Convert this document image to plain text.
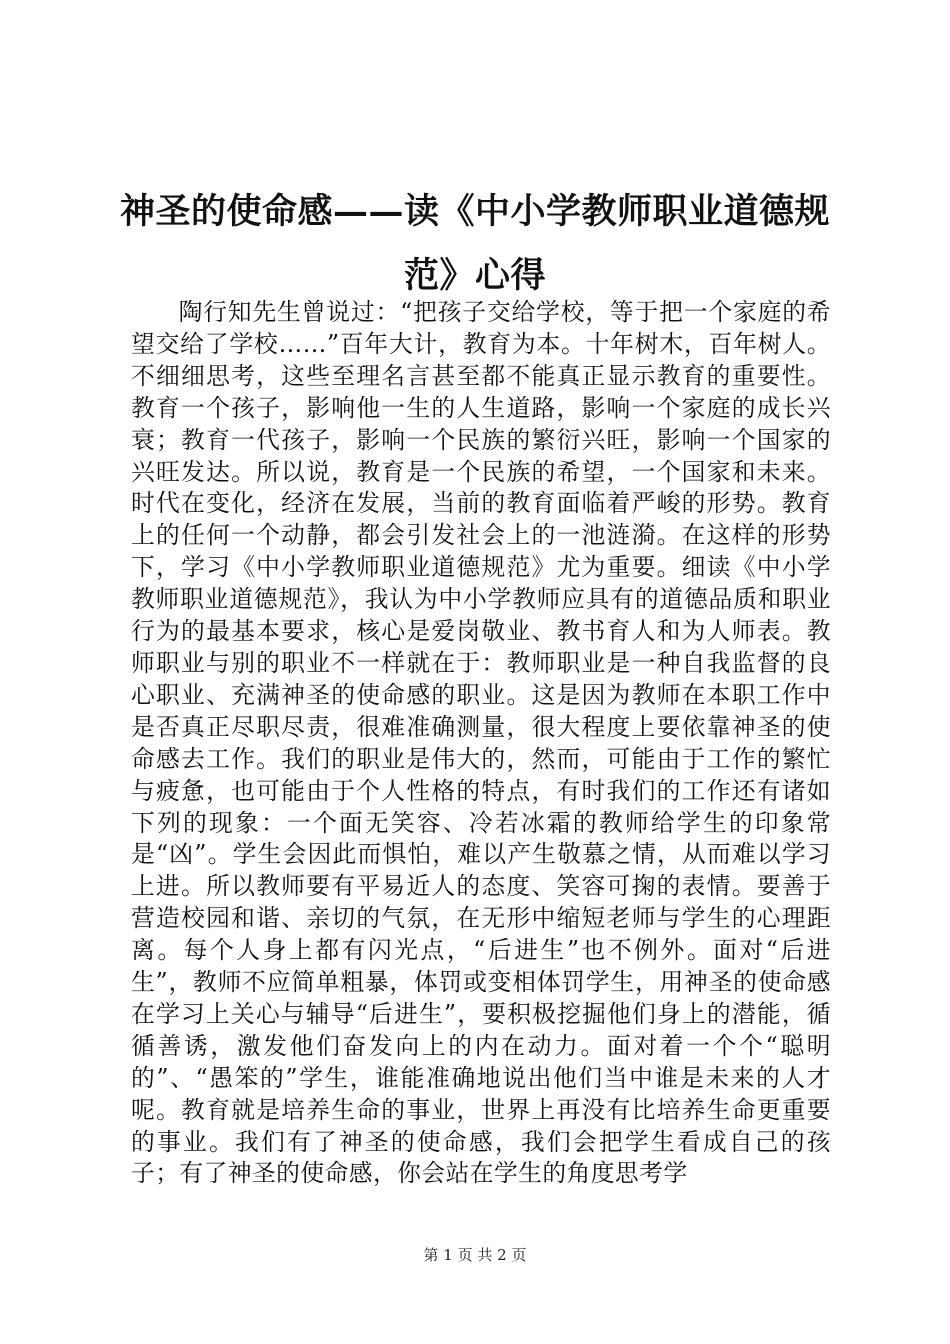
神圣的使命感——读《中小学教师职业道德规范》心得

陶行知先生曾说过：“把孩子交给学校，等于把一个家庭的希望交给了学校……”百年大计，教育为本。十年树木，百年树人。不细细思考，这些至理名言甚至都不能真正显示教育的重要性。教育一个孩子，影响他一生的人生道路，影响一个家庭的成长兴衰；教育一代孩子，影响一个民族的繁衍兴旺，影响一个国家的兴旺发达。所以说，教育是一个民族的希望，一个国家和未来。时代在变化，经济在发展，当前的教育面临着严峻的形势。教育上的任何一个动静，都会引发社会上的一池涟漪。在这样的形势下，学习《中小学教师职业道德规范》尤为重要。细读《中小学教师职业道德规范》，我认为中小学教师应具有的道德品质和职业行为的最基本要求，核心是爱岗敬业、教书育人和为人师表。教师职业与别的职业不一样就在于：教师职业是一种自我监督的良心职业、充满神圣的使命感的职业。这是因为教师在本职工作中是否真正尽职尽责，很难准确测量，很大程度上要依靠神圣的使命感去工作。我们的职业是伟大的，然而，可能由于工作的繁忙与疲惫，也可能由于个人性格的特点，有时我们的工作还有诸如下列的现象：一个面无笑容、冷若冰霜的教师给学生的印象常是“凶”。学生会因此而惧怕，难以产生敬慕之情，从而难以学习上进。所以教师要有平易近人的态度、笑容可掬的表情。要善于营造校园和谐、亲切的气氛，在无形中缩短老师与学生的心理距离。每个人身上都有闪光点，“后进生”也不例外。面对“后进生”，教师不应简单粗暴，体罚或变相体罚学生，用神圣的使命感在学习上关心与辅导“后进生”，要积极挖掘他们身上的潜能，循循善诱，激发他们奋发向上的内在动力。面对着一个个“聪明的”、“愚笨的”学生，谁能准确地说出他们当中谁是未来的人才呢。教育就是培养生命的事业，世界上再没有比培养生命更重要的事业。我们有了神圣的使命感，我们会把学生看成自己的孩子；有了神圣的使命感，你会站在学生的角度思考学

第 1 页 共 2 页
